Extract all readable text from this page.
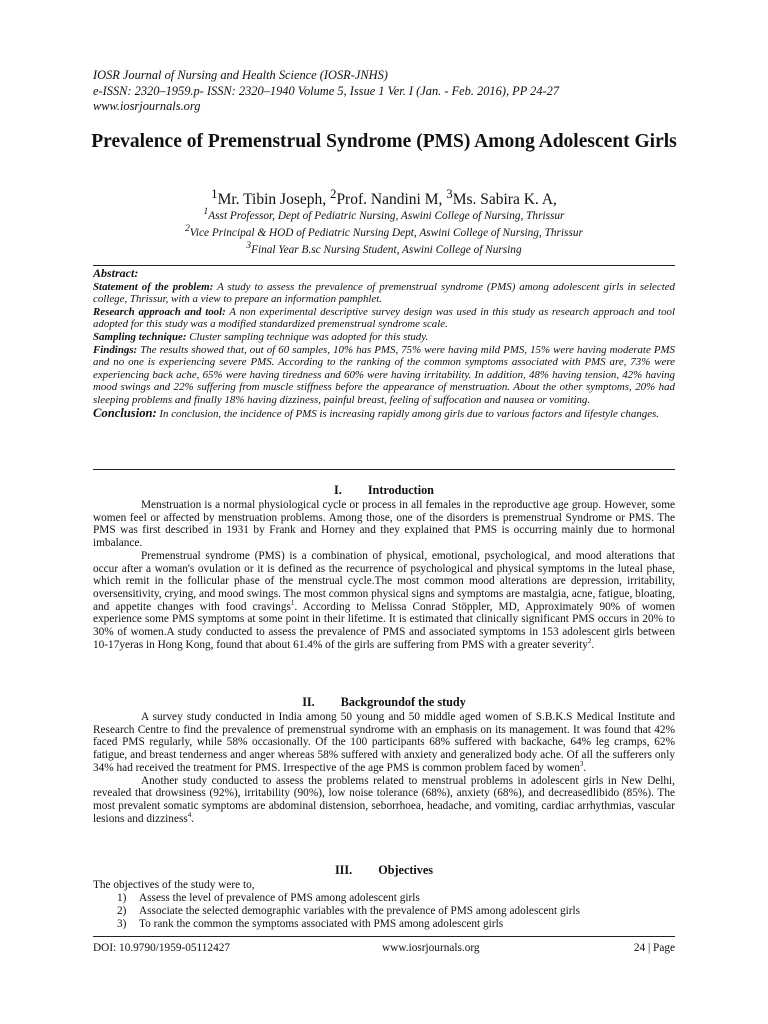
IOSR Journal of Nursing and Health Science (IOSR-JNHS)
e-ISSN: 2320–1959.p- ISSN: 2320–1940 Volume 5, Issue 1 Ver. I (Jan. - Feb. 2016), PP 24-27
www.iosrjournals.org
Prevalence of Premenstrual Syndrome (PMS) Among Adolescent Girls
$^1$Mr. Tibin Joseph, $^2$Prof. Nandini M, $^3$Ms. Sabira K. A,
$^1$Asst Professor, Dept of Pediatric Nursing, Aswini College of Nursing, Thrissur
$^2$Vice Principal & HOD of Pediatric Nursing Dept, Aswini College of Nursing, Thrissur
$^3$Final Year B.sc Nursing Student, Aswini College of Nursing

Abstract:

Statement of the problem: A study to assess the prevalence of premenstrual syndrome (PMS) among adolescent girls in selected college, Thrissur, with a view to prepare an information pamphlet.

Research approach and tool: A non experimental descriptive survey design was used in this study as research approach and tool adopted for this study was a modified standardized premenstrual syndrome scale.

Sampling technique: Cluster sampling technique was adopted for this study.

Findings: The results showed that, out of 60 samples, 10% has PMS, 75% were having mild PMS, 15% were having moderate PMS and no one is experiencing severe PMS. According to the ranking of the common symptoms associated with PMS are, 73% were experiencing back ache, 65% were having tiredness and 60% were having irritability. In addition, 48% having tension, 42% having mood swings and 22% suffering from muscle stiffness before the appearance of menstruation. About the other symptoms, 20% had sleeping problems and finally 18% having dizziness, painful breast, feeling of suffocation and nausea or vomiting.

Conclusion: In conclusion, the incidence of PMS is increasing rapidly among girls due to various factors and lifestyle changes.

I. Introduction

Menstruation is a normal physiological cycle or process in all females in the reproductive age group. However, some women feel or affected by menstruation problems. Among those, one of the disorders is premenstrual Syndrome or PMS. The PMS was first described in 1931 by Frank and Horney and they explained that PMS is occurring mainly due to hormonal imbalance.

Premenstrual syndrome (PMS) is a combination of physical, emotional, psychological, and mood alterations that occur after a woman's ovulation or it is defined as the recurrence of psychological and physical symptoms in the luteal phase, which remit in the follicular phase of the menstrual cycle.The most common mood alterations are depression, irritability, oversensitivity, crying, and mood swings. The most common physical signs and symptoms are mastalgia, acne, fatigue, bloating, and appetite changes with food cravings$^1$. According to Melissa Conrad Stöppler, MD, Approximately 90% of women experience some PMS symptoms at some point in their lifetime. It is estimated that clinically significant PMS occurs in 20% to 30% of women.A study conducted to assess the prevalence of PMS and associated symptoms in 153 adolescent girls between 10-17yeras in Hong Kong, found that about 61.4% of the girls are suffering from PMS with a greater severity$^2$.

II. Backgroundof the study

A survey study conducted in India among 50 young and 50 middle aged women of S.B.K.S Medical Institute and Research Centre to find the prevalence of premenstrual syndrome with an emphasis on its management. It was found that 42% faced PMS regularly, while 58% occasionally. Of the 100 participants 68% suffered with backache, 64% leg cramps, 62% fatigue, and breast tenderness and anger whereas 58% suffered with anxiety and generalized body ache. Of all the sufferers only 34% had received the treatment for PMS. Irrespective of the age PMS is common problem faced by women$^3$.

Another study conducted to assess the problems related to menstrual problems in adolescent girls in New Delhi, revealed that drowsiness (92%), irritability (90%), low noise tolerance (68%), anxiety (68%), and decreasedlibido (85%). The most prevalent somatic symptoms are abdominal distension, seborrhoea, headache, and vomiting, cardiac arrhythmias, vascular lesions and dizziness$^4$.

III. Objectives
The objectives of the study were to,
1) Assess the level of prevalence of PMS among adolescent girls
2) Associate the selected demographic variables with the prevalence of PMS among adolescent girls
3) To rank the common the symptoms associated with PMS among adolescent girls
DOI: 10.9790/1959-05112427	www.iosrjournals.org	24 | Page
